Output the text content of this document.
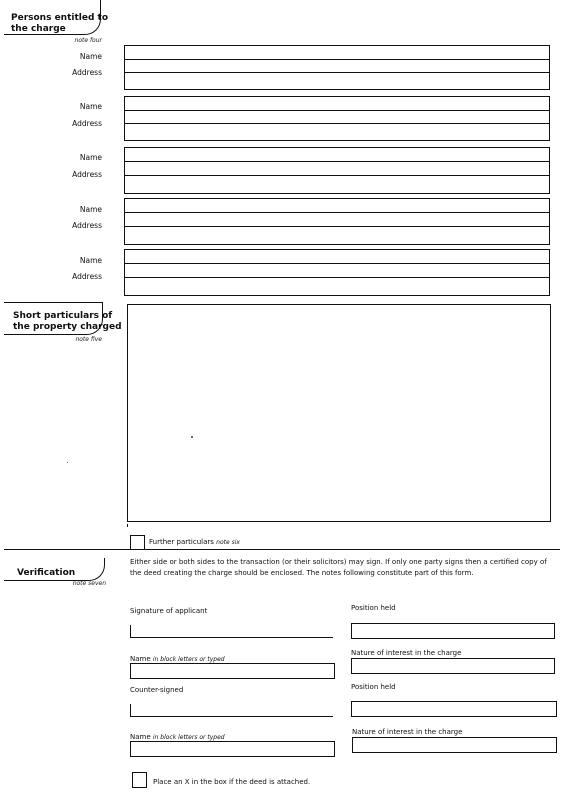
Persons entitled to
the charge
note four
Name
Address
Name
Address
Name
Address
Name
Address
Name
Address
Short particulars of
the property charged
note five
Further particulars note six
Verification
note seven
Either side or both sides to the transaction (or their solicitors) may sign. If only one party signs then a certified copy of the deed creating the charge should be enclosed. The notes following constitute part of this form.
Signature of applicant	Position held
Name in block letters or typed
Nature of interest in the charge
Counter-signed	Position held
Name in block letters or typed
Nature of interest in the charge
Place an X in the box if the deed is attached.
